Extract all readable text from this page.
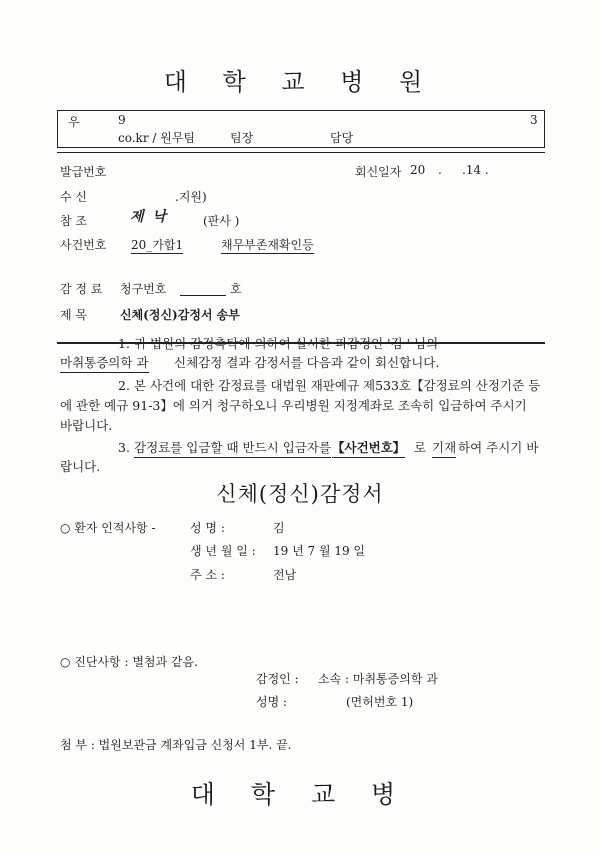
대 학 교 병 원
우	9	3
co.kr / 원무팀	팀장	담당
발급번호	회신일자 20 . .14 .
수 신	.지원)
참 조	제 낙	(판사 )
사건번호 20_가합1	채무부존재확인등
감 정 료 청구번호	호
제 목	신체(정신)감정서 송부
1. 귀 법원의 감정촉탁에 의하여 실시한 피감정인 '김 ' 님의
마취통증의학 과 신체감정 결과 감정서를 다음과 같이 회신합니다.
2. 본 사건에 대한 감정료를 대법원 재판예규 제533호【감정료의 산정기준 등
에 관한 예규 91-3】에 의거 청구하오니 우리병원 지정계좌로 조속히 입금하여 주시기
바랍니다.
3. 감정료를 입금할 때 반드시 입금자를 【사건번호】 로 기재 하여 주시기 바
랍니다.
신체(정신)감정서
○ 환자 인적사항 -	성 명 :	김
생 년 월 일 : 19 년 7 월 19 일
주 소 :	전남
○ 진단사항 : 별첨과 같음.
감정인 : 소속 : 마취통증의학 과
성명 :	(면허번호 1)
첨 부 : 법원보관금 계좌입금 신청서 1부. 끝.
대 학 교 병
